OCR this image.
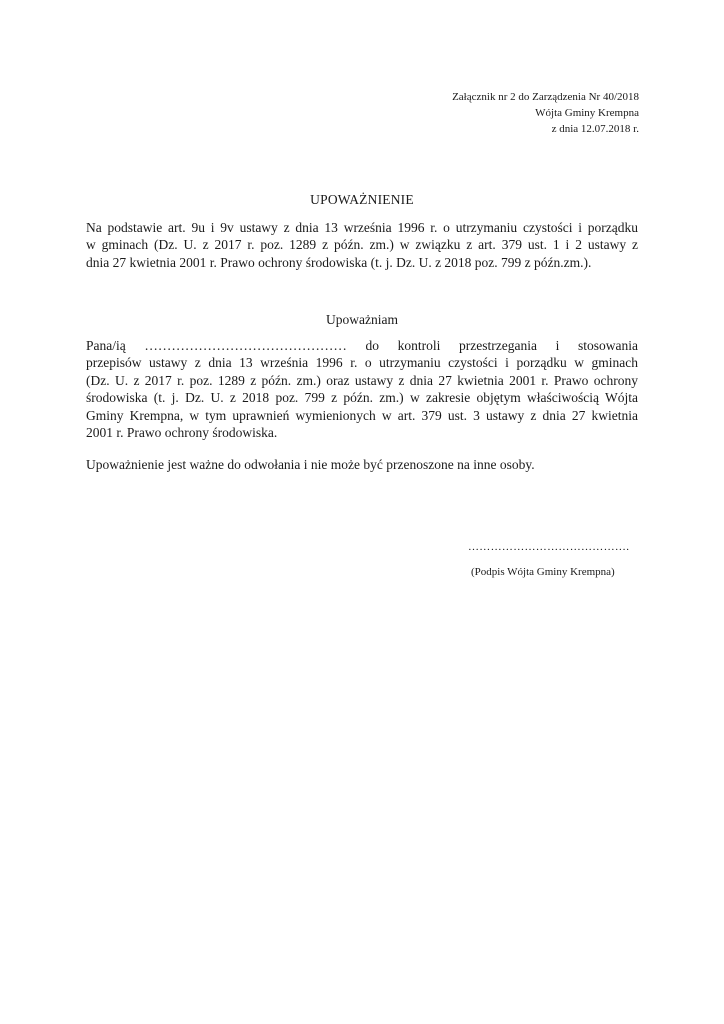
Załącznik nr 2 do Zarządzenia Nr 40/2018
Wójta Gminy Krempna
z dnia 12.07.2018 r.
UPOWAŻNIENIE
Na podstawie art. 9u i 9v ustawy z dnia 13 września 1996 r. o utrzymaniu czystości i porządku
w gminach (Dz. U. z 2017 r. poz. 1289 z późn. zm.) w związku z art. 379 ust. 1 i 2 ustawy z
dnia 27 kwietnia 2001 r. Prawo ochrony środowiska (t. j. Dz. U. z 2018 poz. 799 z późn.zm.).
Upoważniam
Pana/ią ……………………………………… do kontroli przestrzegania i stosowania
przepisów ustawy z dnia 13 września 1996 r. o utrzymaniu czystości i porządku w gminach
(Dz. U. z 2017 r. poz. 1289 z późn. zm.) oraz ustawy z dnia 27 kwietnia 2001 r. Prawo ochrony
środowiska (t. j. Dz. U. z 2018 poz. 799 z późn. zm.) w zakresie objętym właściwością Wójta
Gminy Krempna, w tym uprawnień wymienionych w art. 379 ust. 3 ustawy z dnia 27 kwietnia
2001 r. Prawo ochrony środowiska.
Upoważnienie jest ważne do odwołania i nie może być przenoszone na inne osoby.
…………………………………….
(Podpis Wójta Gminy Krempna)
